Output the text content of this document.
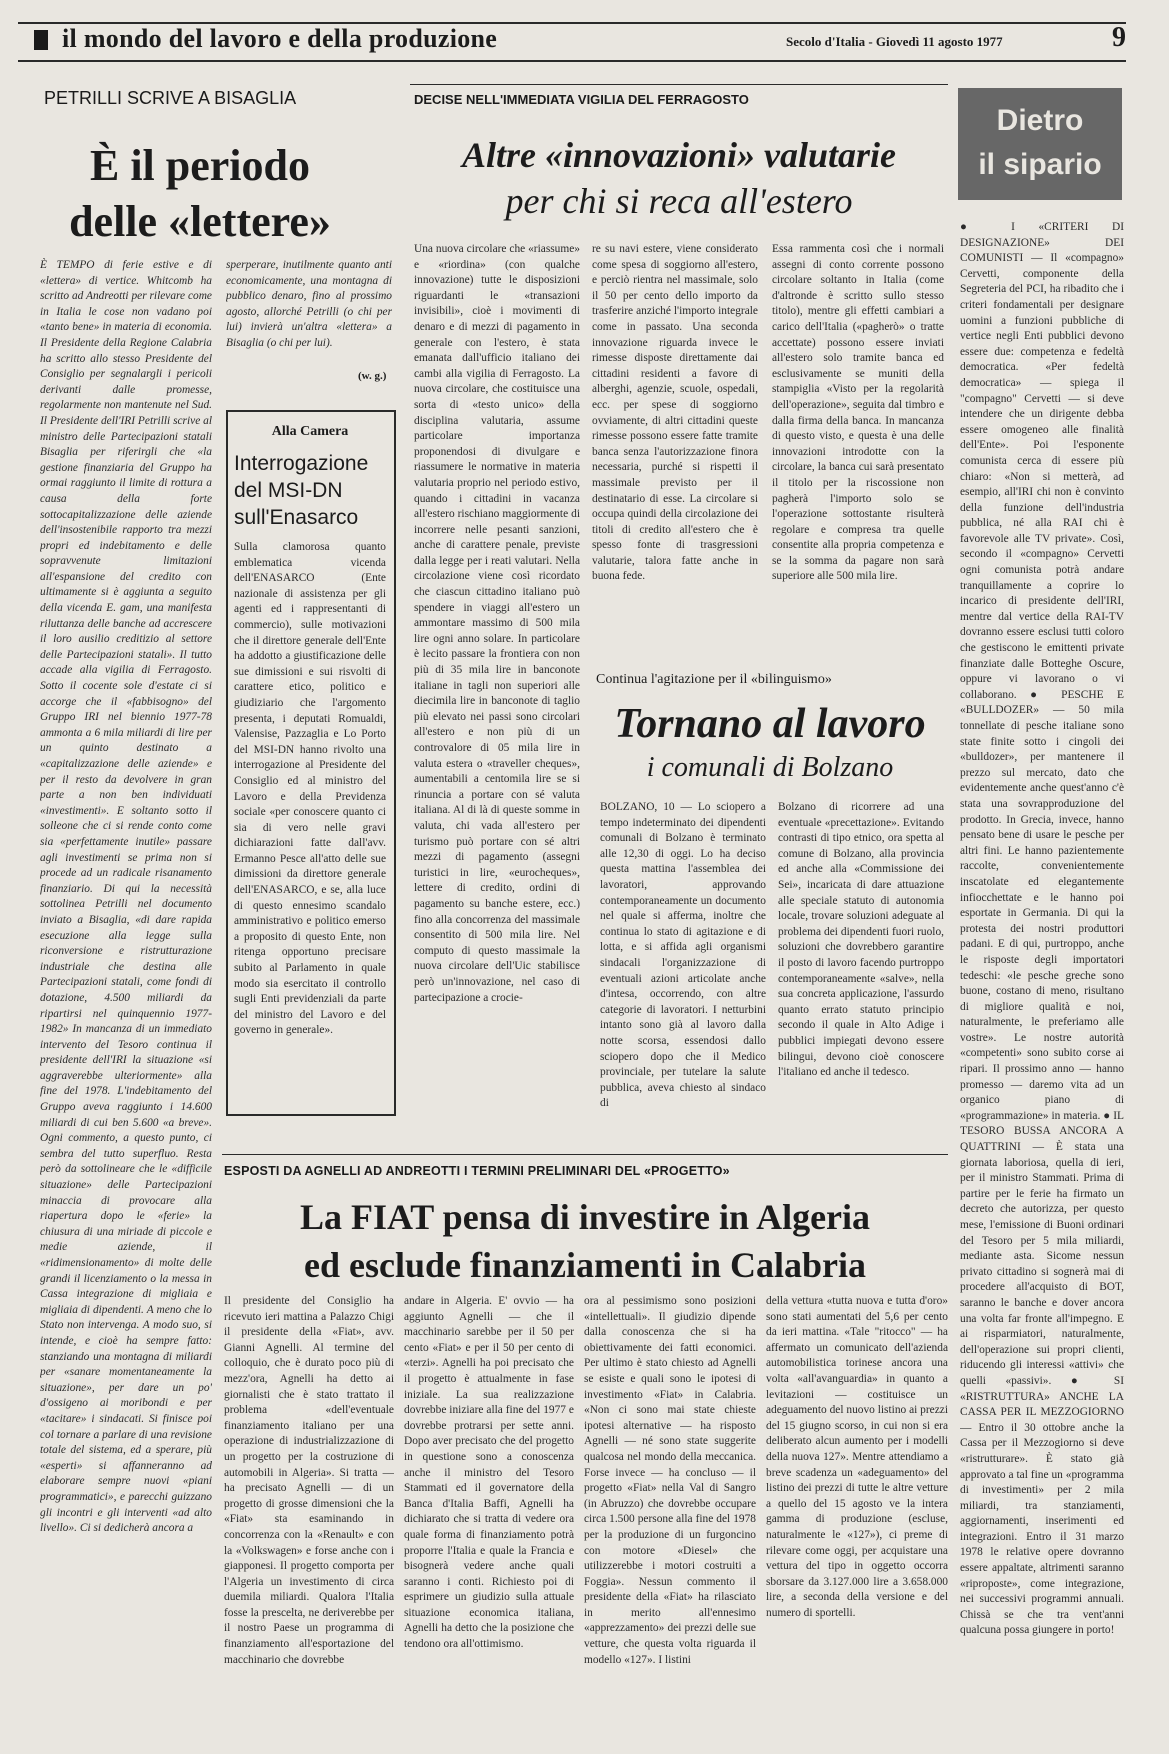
il mondo del lavoro e della produzione	Secolo d'Italia - Giovedì 11 agosto 1977	9
PETRILLI SCRIVE A BISAGLIA
È il periodo
delle «lettere»
È TEMPO di ferie estive e di «lettera» di vertice. Whitcomb ha scritto ad Andreotti per rilevare come in Italia le cose non vadano poi «tanto bene» in materia di economia. Il Presidente della Regione Calabria ha scritto allo stesso Presidente del Consiglio per segnalargli i pericoli derivanti dalle promesse, regolarmente non mantenute nel Sud. Il Presidente dell'IRI Petrilli scrive al ministro delle Partecipazioni statali Bisaglia per riferirgli che «la gestione finanziaria del Gruppo ha ormai raggiunto il limite di rottura a causa della forte sottocapitalizzazione delle aziende dell'insostenibile rapporto tra mezzi propri ed indebitamento e delle sopravvenute limitazioni all'espansione del credito con ultimamente si è aggiunta a seguito della vicenda E. gam, una manifesta riluttanza delle banche ad accrescere il loro ausilio creditizio al settore delle Partecipazioni statali». Il tutto accade alla vigilia di Ferragosto. Sotto il cocente sole d'estate ci si accorge che il «fabbisogno» del Gruppo IRI nel biennio 1977-78 ammonta a 6 mila miliardi di lire per un quinto destinato a «capitalizzazione delle aziende» e per il resto da devolvere in gran parte a non ben individuati «investimenti». E soltanto sotto il solleone che ci si rende conto come sia «perfettamente inutile» passare agli investimenti se prima non si procede ad un radicale risanamento finanziario. Di qui la necessità sottolinea Petrilli nel documento inviato a Bisaglia, «di dare rapida esecuzione alla legge sulla riconversione e ristrutturazione industriale che destina alle Partecipazioni statali, come fondi di dotazione, 4.500 miliardi da ripartirsi nel quinquennio 1977-1982» In mancanza di un immediato intervento del Tesoro continua il presidente dell'IRI la situazione «si aggraverebbe ulteriormente» alla fine del 1978. L'indebitamento del Gruppo aveva raggiunto i 14.600 miliardi di cui ben 5.600 «a breve». Ogni commento, a questo punto, ci sembra del tutto superfluo. Resta però da sottolineare che le «difficile situazione» delle Partecipazioni minaccia di provocare alla riapertura dopo le «ferie» la chiusura di una miriade di piccole e medie aziende, il «ridimensionamento» di molte delle grandi il licenziamento o la messa in Cassa integrazione di migliaia e migliaia di dipendenti. A meno che lo Stato non intervenga. A modo suo, si intende, e cioè ha sempre fatto: stanziando una montagna di miliardi per «sanare momentaneamente la situazione», per dare un po' d'ossigeno ai moribondi e per «tacitare» i sindacati. Si finisce poi col tornare a parlare di una revisione totale del sistema, ed a sperare, più «esperti» si affanneranno ad elaborare sempre nuovi «piani programmatici», e parecchi guizzano gli incontri e gli interventi «ad alto livello». Ci si dedicherà ancora a
sperperare, inutilmente quanto anti economicamente, una montagna di pubblico denaro, fino al prossimo agosto, allorché Petrilli (o chi per lui) invierà un'altra «lettera» a Bisaglia (o chi per lui).
(w. g.)
Alla Camera
Interrogazione del MSI-DN sull'Enasarco
Sulla clamorosa quanto emblematica vicenda dell'ENASARCO (Ente nazionale di assistenza per gli agenti ed i rappresentanti di commercio), sulle motivazioni che il direttore generale dell'Ente ha addotto a giustificazione delle sue dimissioni e sui risvolti di carattere etico, politico e giudiziario che l'argomento presenta, i deputati Romualdi, Valensise, Pazzaglia e Lo Porto del MSI-DN hanno rivolto una interrogazione al Presidente del Consiglio ed al ministro del Lavoro e della Previdenza sociale «per conoscere quanto ci sia di vero nelle gravi dichiarazioni fatte dall'avv. Ermanno Pesce all'atto delle sue dimissioni da direttore generale dell'ENASARCO, e se, alla luce di questo ennesimo scandalo amministrativo e politico emerso a proposito di questo Ente, non ritenga opportuno precisare subito al Parlamento in quale modo sia esercitato il controllo sugli Enti previdenziali da parte del ministro del Lavoro e del governo in generale».
DECISE NELL'IMMEDIATA VIGILIA DEL FERRAGOSTO
Altre «innovazioni» valutarie
per chi si reca all'estero
Una nuova circolare che «riassume» e «riordina» (con qualche innovazione) tutte le disposizioni riguardanti le «transazioni invisibili», cioè i movimenti di denaro e di mezzi di pagamento in generale con l'estero, è stata emanata dall'ufficio italiano dei cambi alla vigilia di Ferragosto. La nuova circolare, che costituisce una sorta di «testo unico» della disciplina valutaria, assume particolare importanza proponendosi di divulgare e riassumere le normative in materia valutaria proprio nel periodo estivo, quando i cittadini in vacanza all'estero rischiano maggiormente di incorrere nelle pesanti sanzioni, anche di carattere penale, previste dalla legge per i reati valutari. Nella circolazione viene così ricordato che ciascun cittadino italiano può spendere in viaggi all'estero un ammontare massimo di 500 mila lire ogni anno solare. In particolare è lecito passare la frontiera con non più di 35 mila lire in banconote italiane in tagli non superiori alle diecimila lire in banconote di taglio più elevato nei passi sono circolari all'estero e non più di un controvalore di 05 mila lire in valuta estera o «traveller cheques», aumentabili a centomila lire se si rinuncia a portare con sé valuta italiana. Al di là di queste somme in valuta, chi vada all'estero per turismo può portare con sé altri mezzi di pagamento (assegni turistici in lire, «eurocheques», lettere di credito, ordini di pagamento su banche estere, ecc.) fino alla concorrenza del massimale consentito di 500 mila lire. Nel computo di questo massimale la nuova circolare dell'Uic stabilisce però un'innovazione, nel caso di partecipazione a crocie-
re su navi estere, viene considerato come spesa di soggiorno all'estero, e perciò rientra nel massimale, solo il 50 per cento dello importo da trasferire anziché l'importo integrale come in passato. Una seconda innovazione riguarda invece le rimesse disposte direttamente dai cittadini residenti a favore di alberghi, agenzie, scuole, ospedali, ecc. per spese di soggiorno ovviamente, di altri cittadini queste rimesse possono essere fatte tramite banca senza l'autorizzazione finora necessaria, purché si rispetti il massimale previsto per il destinatario di esse. La circolare si occupa quindi della circolazione dei titoli di credito all'estero che è spesso fonte di trasgressioni valutarie, talora fatte anche in buona fede.
Essa rammenta così che i normali assegni di conto corrente possono circolare soltanto in Italia (come d'altronde è scritto sullo stesso titolo), mentre gli effetti cambiari a carico dell'Italia («pagherò» o tratte accettate) possono essere inviati all'estero solo tramite banca ed esclusivamente se muniti della stampiglia «Visto per la regolarità dell'operazione», seguita dal timbro e dalla firma della banca. In mancanza di questo visto, e questa è una delle innovazioni introdotte con la circolare, la banca cui sarà presentato il titolo per la riscossione non pagherà l'importo solo se l'operazione sottostante risulterà regolare e compresa tra quelle consentite alla propria competenza e se la somma da pagare non sarà superiore alle 500 mila lire.
Continua l'agitazione per il «bilinguismo»
Tornano al lavoro
i comunali di Bolzano
BOLZANO, 10 — Lo sciopero a tempo indeterminato dei dipendenti comunali di Bolzano è terminato alle 12,30 di oggi. Lo ha deciso questa mattina l'assemblea dei lavoratori, approvando contemporaneamente un documento nel quale si afferma, inoltre che continua lo stato di agitazione e di lotta, e si affida agli organismi sindacali l'organizzazione di eventuali azioni articolate anche d'intesa, occorrendo, con altre categorie di lavoratori. I netturbini intanto sono già al lavoro dalla notte scorsa, essendosi dallo sciopero dopo che il Medico provinciale, per tutelare la salute pubblica, aveva chiesto al sindaco di
Bolzano di ricorrere ad una eventuale «precettazione». Evitando contrasti di tipo etnico, ora spetta al comune di Bolzano, alla provincia ed anche alla «Commissione dei Sei», incaricata di dare attuazione alle speciale statuto di autonomia locale, trovare soluzioni adeguate al problema dei dipendenti fuori ruolo, soluzioni che dovrebbero garantire il posto di lavoro facendo purtroppo contemporaneamente «salve», nella sua concreta applicazione, l'assurdo quanto errato statuto principio secondo il quale in Alto Adige i pubblici impiegati devono essere bilingui, devono cioè conoscere l'italiano ed anche il tedesco.
Dietro
il sipario
● I «CRITERI DI DESIGNAZIONE» DEI COMUNISTI — Il «compagno» Cervetti, componente della Segreteria del PCI, ha ribadito che i criteri fondamentali per designare uomini a funzioni pubbliche di vertice negli Enti pubblici devono essere due: competenza e fedeltà democratica. «Per fedeltà democratica» — spiega il "compagno" Cervetti — si deve intendere che un dirigente debba essere omogeneo alle finalità dell'Ente». Poi l'esponente comunista cerca di essere più chiaro: «Non si metterà, ad esempio, all'IRI chi non è convinto della funzione dell'industria pubblica, né alla RAI chi è favorevole alle TV private». Così, secondo il «compagno» Cervetti ogni comunista potrà andare tranquillamente a coprire lo incarico di presidente dell'IRI, mentre dal vertice della RAI-TV dovranno essere esclusi tutti coloro che gestiscono le emittenti private finanziate dalle Botteghe Oscure, oppure vi lavorano o vi collaborano. ● PESCHE E «BULLDOZER» — 50 mila tonnellate di pesche italiane sono state finite sotto i cingoli dei «bulldozer», per mantenere il prezzo sul mercato, dato che evidentemente anche quest'anno c'è stata una sovrapproduzione del prodotto. In Grecia, invece, hanno pensato bene di usare le pesche per altri fini. Le hanno pazientemente raccolte, convenientemente inscatolate ed elegantemente infiocchettate e le hanno poi esportate in Germania. Di qui la protesta dei nostri produttori padani. E di qui, purtroppo, anche le risposte degli importatori tedeschi: «le pesche greche sono buone, costano di meno, risultano di migliore qualità e noi, naturalmente, le preferiamo alle vostre». Le nostre autorità «competenti» sono subito corse ai ripari. Il prossimo anno — hanno promesso — daremo vita ad un organico piano di «programmazione» in materia. ● IL TESORO BUSSA ANCORA A QUATTRINI — È stata una giornata laboriosa, quella di ieri, per il ministro Stammati. Prima di partire per le ferie ha firmato un decreto che autorizza, per questo mese, l'emissione di Buoni ordinari del Tesoro per 5 mila miliardi, mediante asta. Sicome nessun privato cittadino si sognerà mai di procedere all'acquisto di BOT, saranno le banche e dover ancora una volta far fronte all'impegno. E ai risparmiatori, naturalmente, dell'operazione sui propri clienti, riducendo gli interessi «attivi» che quelli «passivi». ● SI «RISTRUTTURA» ANCHE LA CASSA PER IL MEZZOGIORNO — Entro il 30 ottobre anche la Cassa per il Mezzogiorno si deve «ristrutturare». È stato già approvato a tal fine un «programma di investimenti» per 2 mila miliardi, tra stanziamenti, aggiornamenti, inserimenti ed integrazioni. Entro il 31 marzo 1978 le relative opere dovranno essere appaltate, altrimenti saranno «riproposte», come integrazione, nei successivi programmi annuali. Chissà se che tra vent'anni qualcuna possa giungere in porto!
ESPOSTI DA AGNELLI AD ANDREOTTI I TERMINI PRELIMINARI DEL «PROGETTO»
La FIAT pensa di investire in Algeria
ed esclude finanziamenti in Calabria
Il presidente del Consiglio ha ricevuto ieri mattina a Palazzo Chigi il presidente della «Fiat», avv. Gianni Agnelli. Al termine del colloquio, che è durato poco più di mezz'ora, Agnelli ha detto ai giornalisti che è stato trattato il problema «dell'eventuale finanziamento italiano per una operazione di industrializzazione di un progetto per la costruzione di automobili in Algeria». Si tratta — ha precisato Agnelli — di un progetto di grosse dimensioni che la «Fiat» sta esaminando in concorrenza con la «Renault» e con la «Volkswagen» e forse anche con i giapponesi. Il progetto comporta per l'Algeria un investimento di circa duemila miliardi. Qualora l'Italia fosse la prescelta, ne deriverebbe per il nostro Paese un programma di finanziamento all'esportazione del macchinario che dovrebbe
andare in Algeria. E' ovvio — ha aggiunto Agnelli — che il macchinario sarebbe per il 50 per cento «Fiat» e per il 50 per cento di «terzi». Agnelli ha poi precisato che il progetto è attualmente in fase iniziale. La sua realizzazione dovrebbe iniziare alla fine del 1977 e dovrebbe protrarsi per sette anni. Dopo aver precisato che del progetto in questione sono a conoscenza anche il ministro del Tesoro Stammati ed il governatore della Banca d'Italia Baffi, Agnelli ha dichiarato che si tratta di vedere ora quale forma di finanziamento potrà proporre l'Italia e quale la Francia e bisognerà vedere anche quali saranno i conti. Richiesto poi di esprimere un giudizio sulla attuale situazione economica italiana, Agnelli ha detto che la posizione che tendono ora all'ottimismo.
ora al pessimismo sono posizioni «intellettuali». Il giudizio dipende dalla conoscenza che si ha obiettivamente dei fatti economici. Per ultimo è stato chiesto ad Agnelli se esiste e quali sono le ipotesi di investimento «Fiat» in Calabria. «Non ci sono mai state chieste ipotesi alternative — ha risposto Agnelli — né sono state suggerite qualcosa nel mondo della meccanica. Forse invece — ha concluso — il progetto «Fiat» nella Val di Sangro (in Abruzzo) che dovrebbe occupare circa 1.500 persone alla fine del 1978 per la produzione di un furgoncino con motore «Diesel» che utilizzerebbe i motori costruiti a Foggia». Nessun commento il presidente della «Fiat» ha rilasciato in merito all'ennesimo «apprezzamento» dei prezzi delle sue vetture, che questa volta riguarda il modello «127». I listini
della vettura «tutta nuova e tutta d'oro» sono stati aumentati del 5,6 per cento da ieri mattina. «Tale "ritocco" — ha affermato un comunicato dell'azienda automobilistica torinese ancora una volta «all'avanguardia» in quanto a levitazioni — costituisce un adeguamento del nuovo listino ai prezzi del 15 giugno scorso, in cui non si era deliberato alcun aumento per i modelli della nuova 127». Mentre attendiamo a breve scadenza un «adeguamento» del listino dei prezzi di tutte le altre vetture a quello del 15 agosto ve la intera gamma di produzione (escluse, naturalmente le «127»), ci preme di rilevare come oggi, per acquistare una vettura del tipo in oggetto occorra sborsare da 3.127.000 lire a 3.658.000 lire, a seconda della versione e del numero di sportelli.
